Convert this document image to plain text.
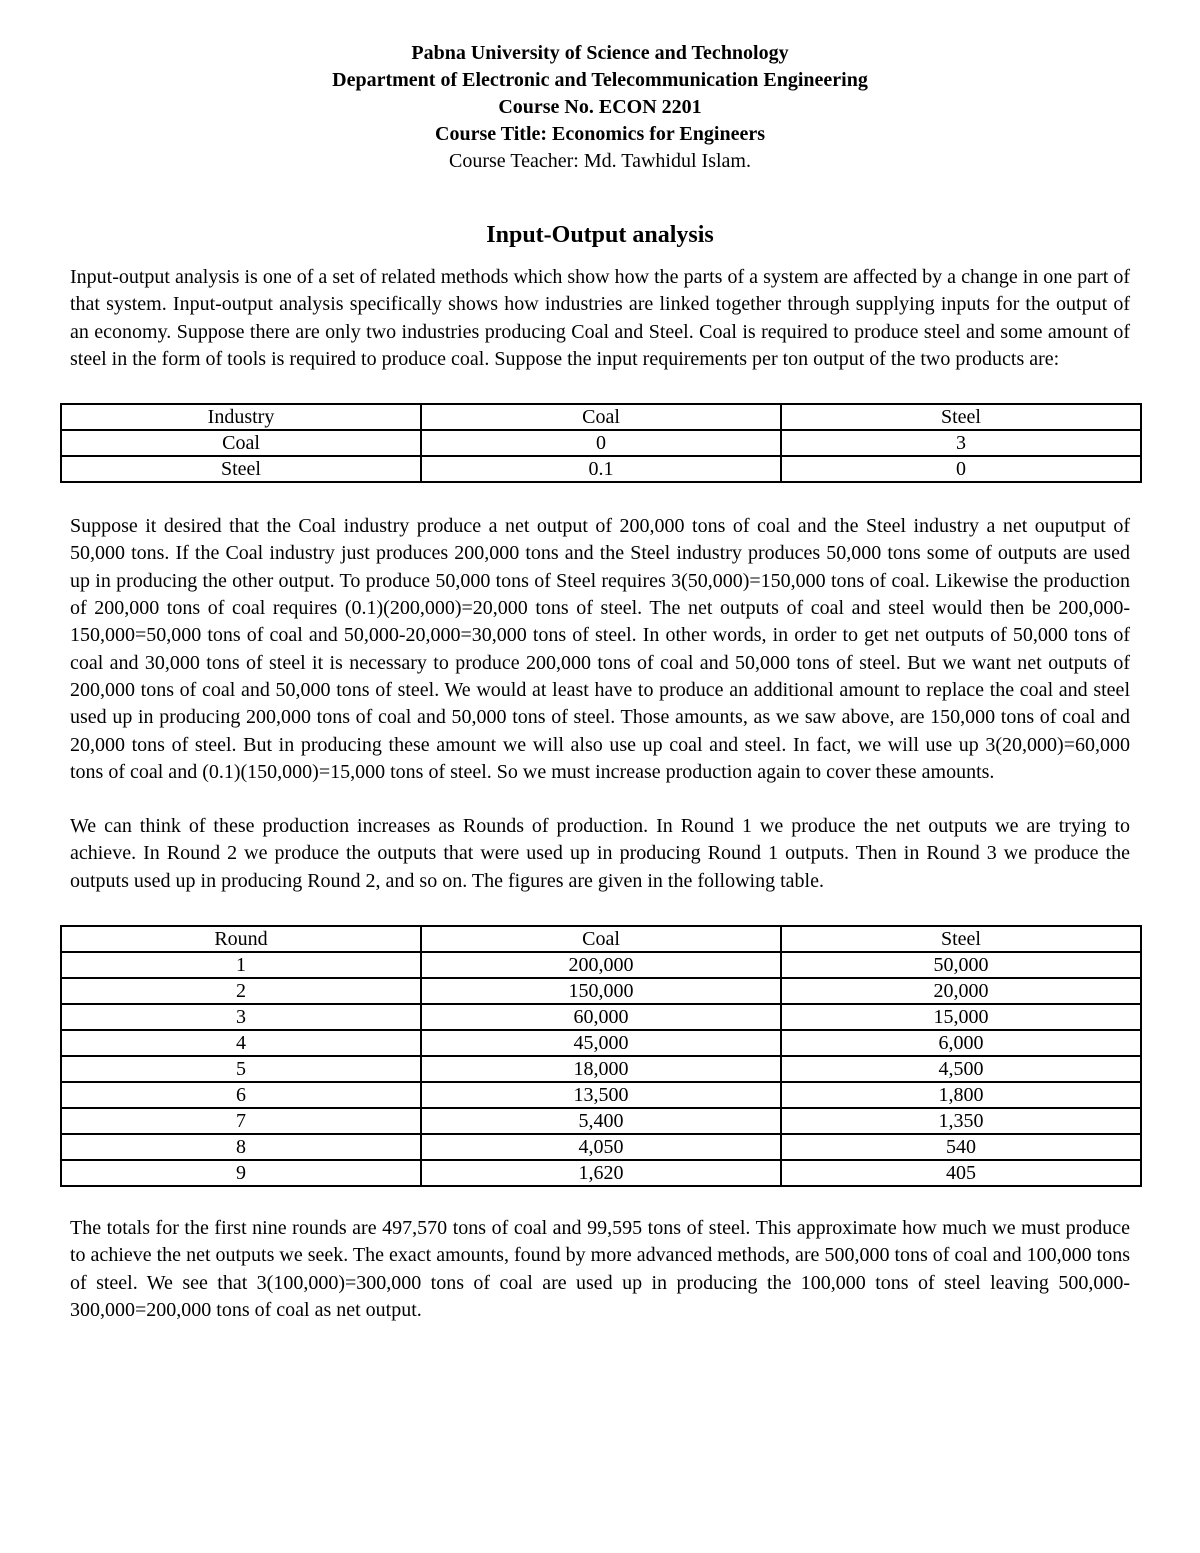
Pabna University of Science and Technology
Department of Electronic and Telecommunication Engineering
Course No. ECON 2201
Course Title: Economics for Engineers
Course Teacher: Md. Tawhidul Islam.
Input-Output analysis

Input-output analysis is one of a set of related methods which show how the parts of a system are affected by a change in one part of that system. Input-output analysis specifically shows how industries are linked together through supplying inputs for the output of an economy. Suppose there are only two industries producing Coal and Steel. Coal is required to produce steel and some amount of steel in the form of tools is required to produce coal. Suppose the input requirements per ton output of the two products are:

Industry	Coal	Steel
Coal	0	3
Steel	0.1	0

Suppose it desired that the Coal industry produce a net output of 200,000 tons of coal and the Steel industry a net ouputput of 50,000 tons. If the Coal industry just produces 200,000 tons and the Steel industry produces 50,000 tons some of outputs are used up in producing the other output. To produce 50,000 tons of Steel requires 3(50,000)=150,000 tons of coal. Likewise the production of 200,000 tons of coal requires (0.1)(200,000)=20,000 tons of steel. The net outputs of coal and steel would then be 200,000-150,000=50,000 tons of coal and 50,000-20,000=30,000 tons of steel. In other words, in order to get net outputs of 50,000 tons of coal and 30,000 tons of steel it is necessary to produce 200,000 tons of coal and 50,000 tons of steel. But we want net outputs of 200,000 tons of coal and 50,000 tons of steel. We would at least have to produce an additional amount to replace the coal and steel used up in producing 200,000 tons of coal and 50,000 tons of steel. Those amounts, as we saw above, are 150,000 tons of coal and 20,000 tons of steel. But in producing these amount we will also use up coal and steel. In fact, we will use up 3(20,000)=60,000 tons of coal and (0.1)(150,000)=15,000 tons of steel. So we must increase production again to cover these amounts.

We can think of these production increases as Rounds of production. In Round 1 we produce the net outputs we are trying to achieve. In Round 2 we produce the outputs that were used up in producing Round 1 outputs. Then in Round 3 we produce the outputs used up in producing Round 2, and so on. The figures are given in the following table.

Round	Coal	Steel
1	200,000	50,000
2	150,000	20,000
3	60,000	15,000
4	45,000	6,000
5	18,000	4,500
6	13,500	1,800
7	5,400	1,350
8	4,050	540
9	1,620	405

The totals for the first nine rounds are 497,570 tons of coal and 99,595 tons of steel. This approximate how much we must produce to achieve the net outputs we seek. The exact amounts, found by more advanced methods, are 500,000 tons of coal and 100,000 tons of steel. We see that 3(100,000)=300,000 tons of coal are used up in producing the 100,000 tons of steel leaving 500,000-300,000=200,000 tons of coal as net output.
